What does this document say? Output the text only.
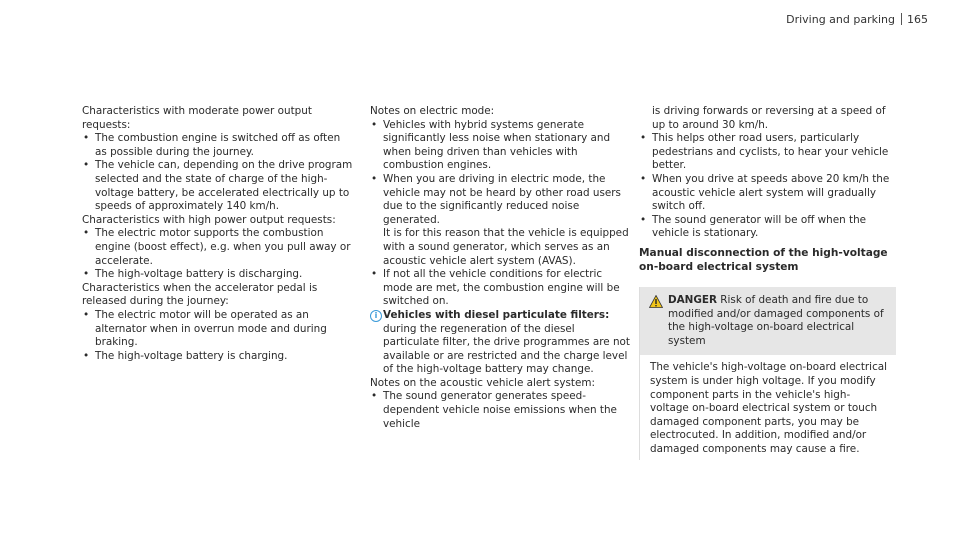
Driving and parking 165

Characteristics with moderate power output requests:

• The combustion engine is switched off as often as possible during the journey.
• The vehicle can, depending on the drive program selected and the state of charge of the high-voltage battery, be accelerated electrically up to speeds of approximately 140 km/h.

Characteristics with high power output requests:

• The electric motor supports the combustion engine (boost effect), e.g. when you pull away or accelerate.
• The high-voltage battery is discharging.

Characteristics when the accelerator pedal is released during the journey:

• The electric motor will be operated as an alternator when in overrun mode and during braking.
• The high-voltage battery is charging.

Notes on electric mode:

• Vehicles with hybrid systems generate significantly less noise when stationary and when being driven than vehicles with combustion engines.
• When you are driving in electric mode, the vehicle may not be heard by other road users due to the significantly reduced noise generated.

It is for this reason that the vehicle is equipped with a sound generator, which serves as an acoustic vehicle alert system (AVAS).

• If not all the vehicle conditions for electric mode are met, the combustion engine will be switched on.

i Vehicles with diesel particulate filters: during the regeneration of the diesel particulate filter, the drive programmes are not available or are restricted and the charge level of the high-voltage battery may change.

Notes on the acoustic vehicle alert system:

• The sound generator generates speed-dependent vehicle noise emissions when the vehicle

is driving forwards or reversing at a speed of up to around 30 km/h.

• This helps other road users, particularly pedestrians and cyclists, to hear your vehicle better.
• When you drive at speeds above 20 km/h the acoustic vehicle alert system will gradually switch off.
• The sound generator will be off when the vehicle is stationary.

Manual disconnection of the high-voltage on-board electrical system

DANGER Risk of death and fire due to modified and/or damaged components of the high-voltage on-board electrical system
The vehicle's high-voltage on-board electrical system is under high voltage. If you modify component parts in the vehicle's high-voltage on-board electrical system or touch damaged component parts, you may be electrocuted. In addition, modified and/or damaged components may cause a fire.
